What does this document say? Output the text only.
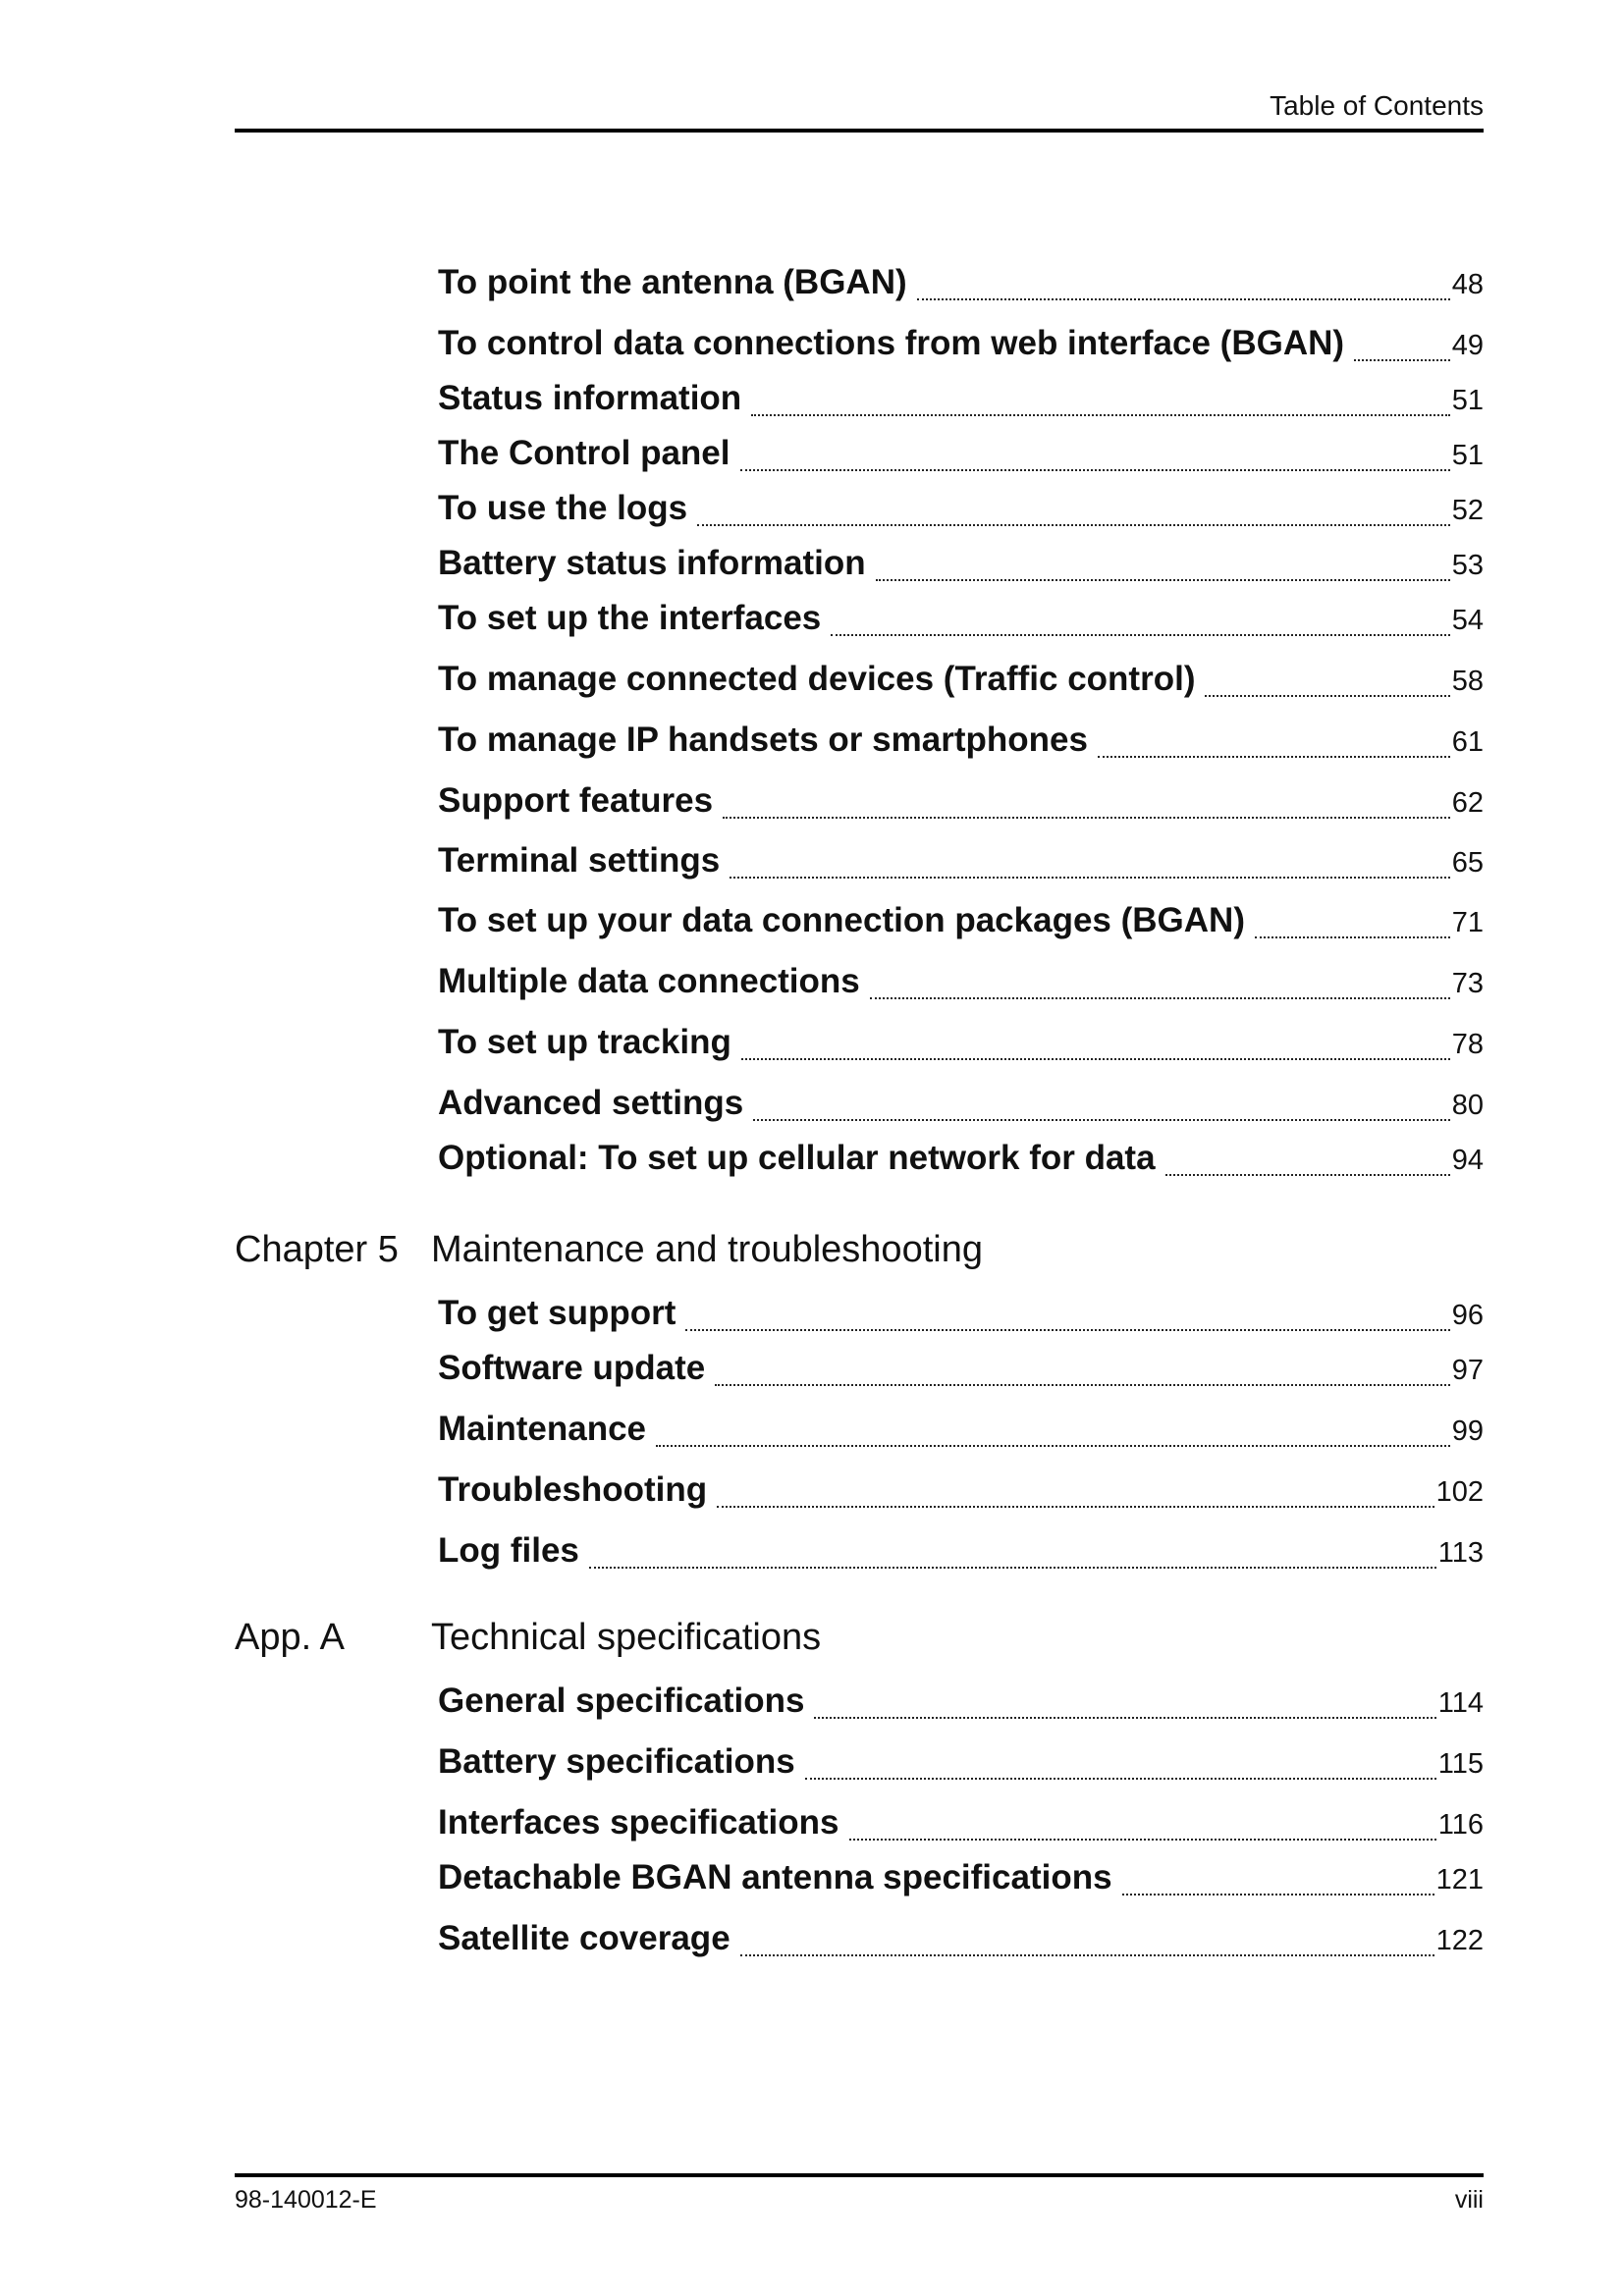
Table of Contents
To point the antenna (BGAN)	48
To control data connections from web interface (BGAN)	49
Status information	51
The Control panel	51
To use the logs	52
Battery status information	53
To set up the interfaces	54
To manage connected devices (Traffic control)	58
To manage IP handsets or smartphones	61
Support features	62
Terminal settings	65
To set up your data connection packages (BGAN)	71
Multiple data connections	73
To set up tracking	78
Advanced settings	80
Optional: To set up cellular network for data	94
Chapter 5 Maintenance and troubleshooting
To get support	96
Software update	97
Maintenance	99
Troubleshooting	102
Log files	113
App. A	Technical specifications
General specifications	114
Battery specifications	115
Interfaces specifications	116
Detachable BGAN antenna specifications	121
Satellite coverage	122
98-140012-E	viii
